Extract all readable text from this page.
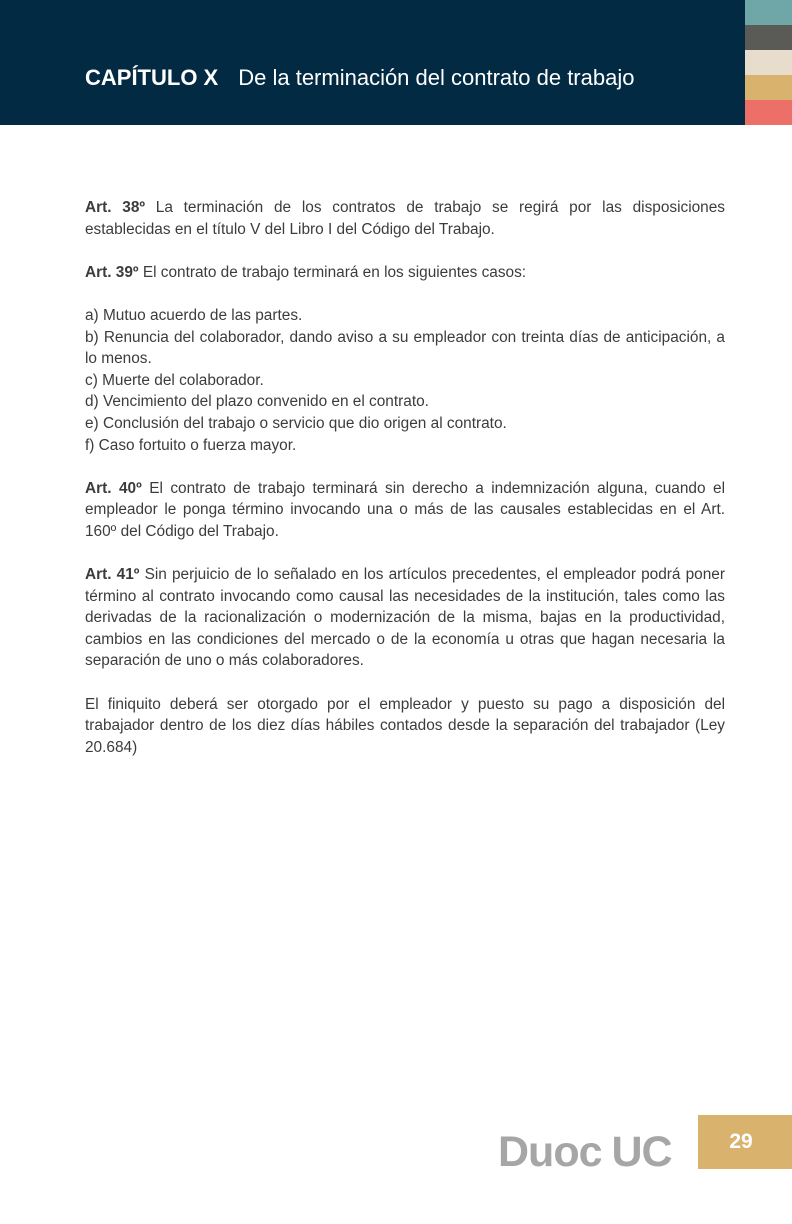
CAPÍTULO X De la terminación del contrato de trabajo

Art. 38º La terminación de los contratos de trabajo se regirá por las disposiciones establecidas en el título V del Libro I del Código del Trabajo.

Art. 39º El contrato de trabajo terminará en los siguientes casos:

a) Mutuo acuerdo de las partes.

b) Renuncia del colaborador, dando aviso a su empleador con treinta días de anticipación, a lo menos.

c) Muerte del colaborador.

d) Vencimiento del plazo convenido en el contrato.

e) Conclusión del trabajo o servicio que dio origen al contrato.

f) Caso fortuito o fuerza mayor.

Art. 40º El contrato de trabajo terminará sin derecho a indemnización alguna, cuando el empleador le ponga término invocando una o más de las causales establecidas en el Art. 160º del Código del Trabajo.

Art. 41º Sin perjuicio de lo señalado en los artículos precedentes, el empleador podrá poner término al contrato invocando como causal las necesidades de la institución, tales como las derivadas de la racionalización o modernización de la misma, bajas en la productividad, cambios en las condiciones del mercado o de la economía u otras que hagan necesaria la separación de uno o más colaboradores.

El finiquito deberá ser otorgado por el empleador y puesto su pago a disposición del trabajador dentro de los diez días hábiles contados desde la separación del trabajador (Ley 20.684)

Duoc UC	29
